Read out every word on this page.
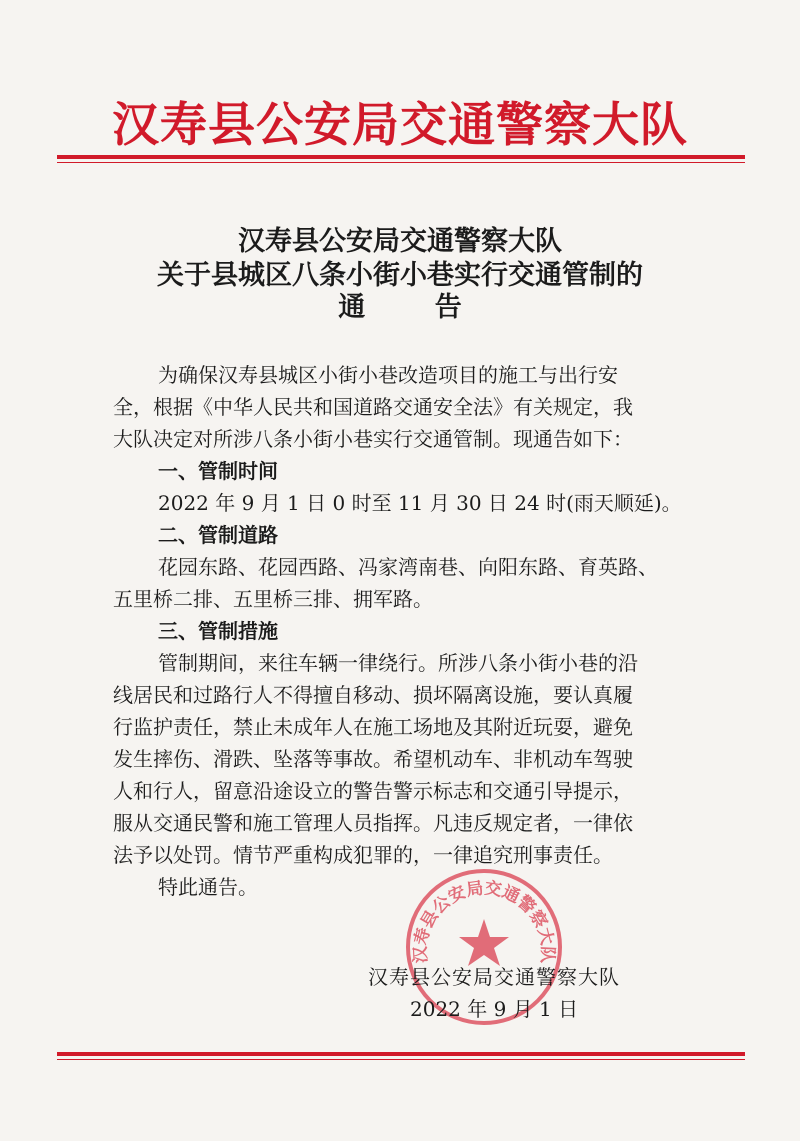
汉寿县公安局交通警察大队
汉寿县公安局交通警察大队
关于县城区八条小街小巷实行交通管制的
通 告
为确保汉寿县城区小街小巷改造项目的施工与出行安
全，根据《中华人民共和国道路交通安全法》有关规定，我
大队决定对所涉八条小街小巷实行交通管制。现通告如下：
一、管制时间
2022 年 9 月 1 日 0 时至 11 月 30 日 24 时(雨天顺延)。
二、管制道路
花园东路、花园西路、冯家湾南巷、向阳东路、育英路、
五里桥二排、五里桥三排、拥军路。
三、管制措施
管制期间，来往车辆一律绕行。所涉八条小街小巷的沿
线居民和过路行人不得擅自移动、损坏隔离设施，要认真履
行监护责任，禁止未成年人在施工场地及其附近玩耍，避免
发生摔伤、滑跌、坠落等事故。希望机动车、非机动车驾驶
人和行人，留意沿途设立的警告警示标志和交通引导提示，
服从交通民警和施工管理人员指挥。凡违反规定者，一律依
法予以处罚。情节严重构成犯罪的，一律追究刑事责任。
特此通告。
汉寿县公安局交通警察大队
汉寿县公安局交通警察大队
2022 年 9 月 1 日
